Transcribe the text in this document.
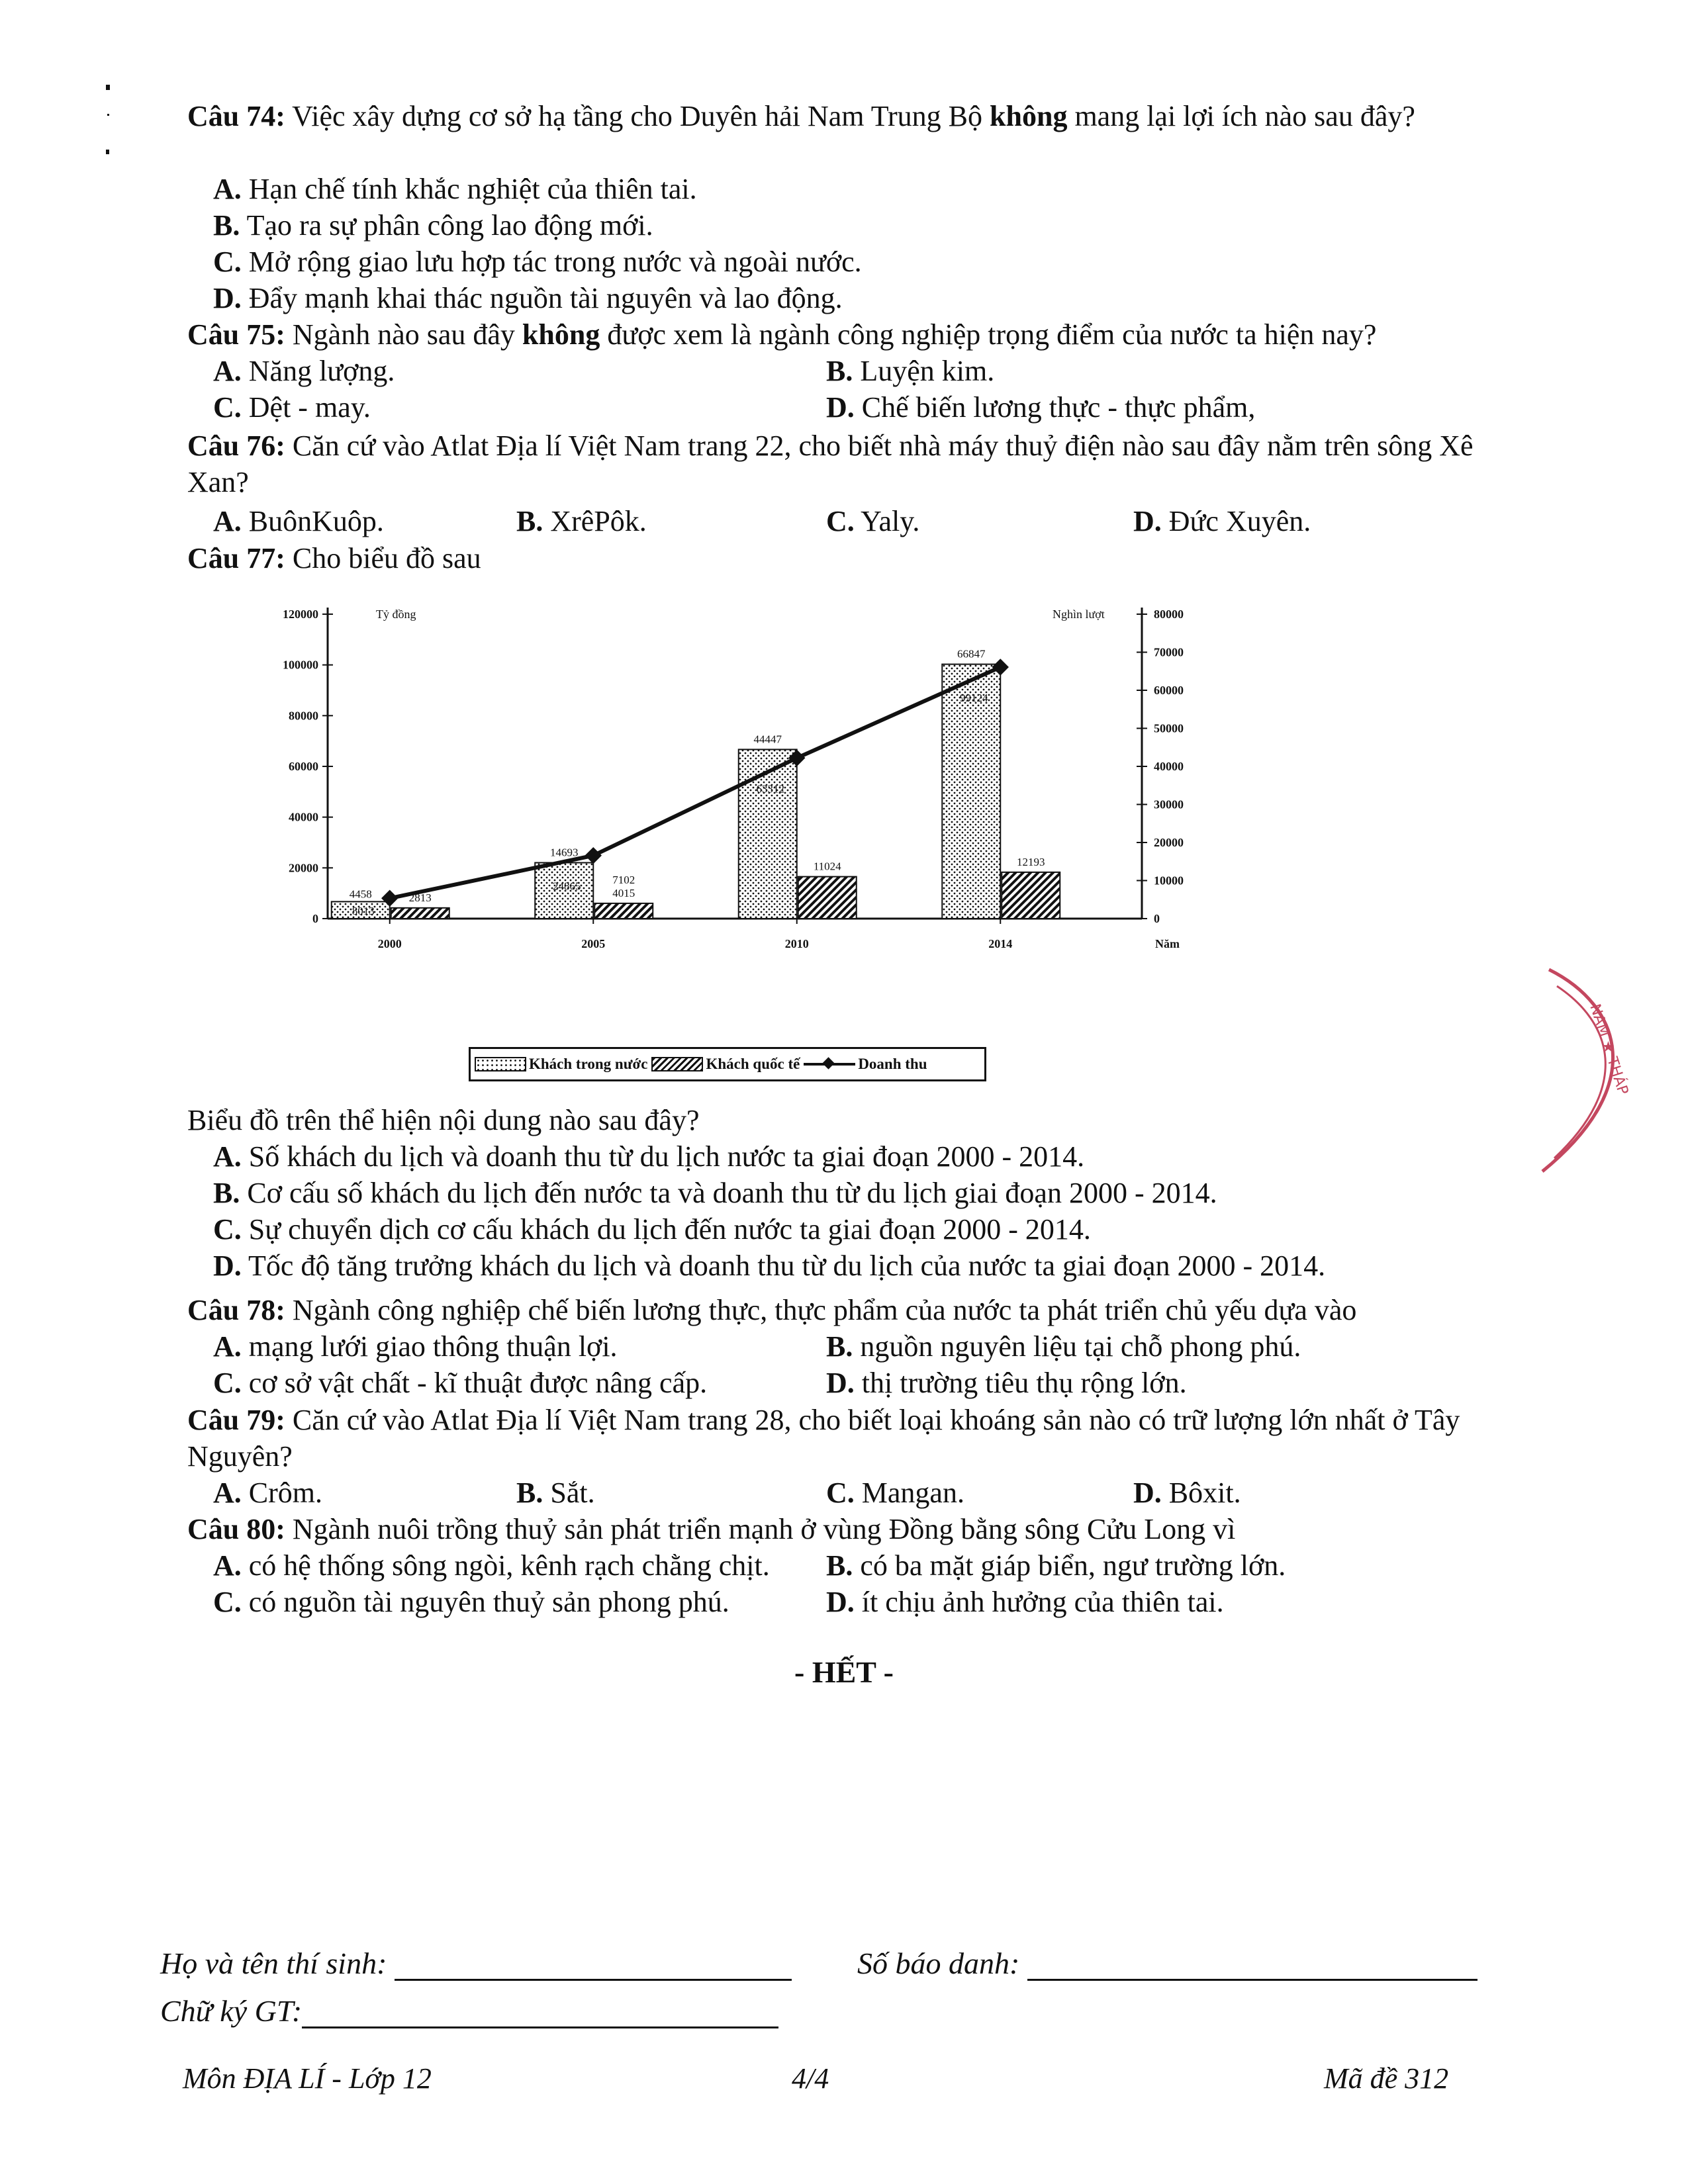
Câu 74: Việc xây dựng cơ sở hạ tầng cho Duyên hải Nam Trung Bộ không mang lại lợi ích nào sau đây?
A. Hạn chế tính khắc nghiệt của thiên tai.
B. Tạo ra sự phân công lao động mới.
C. Mở rộng giao lưu hợp tác trong nước và ngoài nước.
D. Đẩy mạnh khai thác nguồn tài nguyên và lao động.
Câu 75: Ngành nào sau đây không được xem là ngành công nghiệp trọng điểm của nước ta hiện nay?
A. Năng lượng.	B. Luyện kim.
C. Dệt - may.	D. Chế biến lương thực - thực phẩm,
Câu 76: Căn cứ vào Atlat Địa lí Việt Nam trang 22, cho biết nhà máy thuỷ điện nào sau đây nằm trên sông Xê Xan?
A. BuônKuôp.	B. XrêPôk.	C. Yaly.	D. Đức Xuyên.
Câu 77: Cho biểu đồ sau
0
20000
40000
60000
80000
100000
120000
0
10000
20000
30000
40000
50000
60000
70000
80000
Tỷ đồng	Nghìn lượt
Năm
2000
4458	2813
8013
2005
14693
4015
24865
2010
44447
11024
63312
2014
66847
12193
99124
7102
Khách trong nước	Khách quốc tế	Doanh thu
Biểu đồ trên thể hiện nội dung nào sau đây?
A. Số khách du lịch và doanh thu từ du lịch nước ta giai đoạn 2000 - 2014.
B. Cơ cấu số khách du lịch đến nước ta và doanh thu từ du lịch giai đoạn 2000 - 2014.
C. Sự chuyển dịch cơ cấu khách du lịch đến nước ta giai đoạn 2000 - 2014.
D. Tốc độ tăng trưởng khách du lịch và doanh thu từ du lịch của nước ta giai đoạn 2000 - 2014.
Câu 78: Ngành công nghiệp chế biến lương thực, thực phẩm của nước ta phát triển chủ yếu dựa vào
A. mạng lưới giao thông thuận lợi.	B. nguồn nguyên liệu tại chỗ phong phú.
C. cơ sở vật chất - kĩ thuật được nâng cấp.	D. thị trường tiêu thụ rộng lớn.
Câu 79: Căn cứ vào Atlat Địa lí Việt Nam trang 28, cho biết loại khoáng sản nào có trữ lượng lớn nhất ở Tây Nguyên?
A. Crôm.	B. Sắt.	C. Mangan.	D. Bôxit.
Câu 80: Ngành nuôi trồng thuỷ sản phát triển mạnh ở vùng Đồng bằng sông Cửu Long vì
A. có hệ thống sông ngòi, kênh rạch chằng chịt. B. có ba mặt giáp biển, ngư trường lớn.
C. có nguồn tài nguyên thuỷ sản phong phú.	D. ít chịu ảnh hưởng của thiên tai.
- HẾT -
Họ và tên thí sinh:	Số báo danh:
Chữ ký GT:
Môn ĐỊA LÍ - Lớp 12	4/4	Mã đề 312
NAM ★ THÁP
